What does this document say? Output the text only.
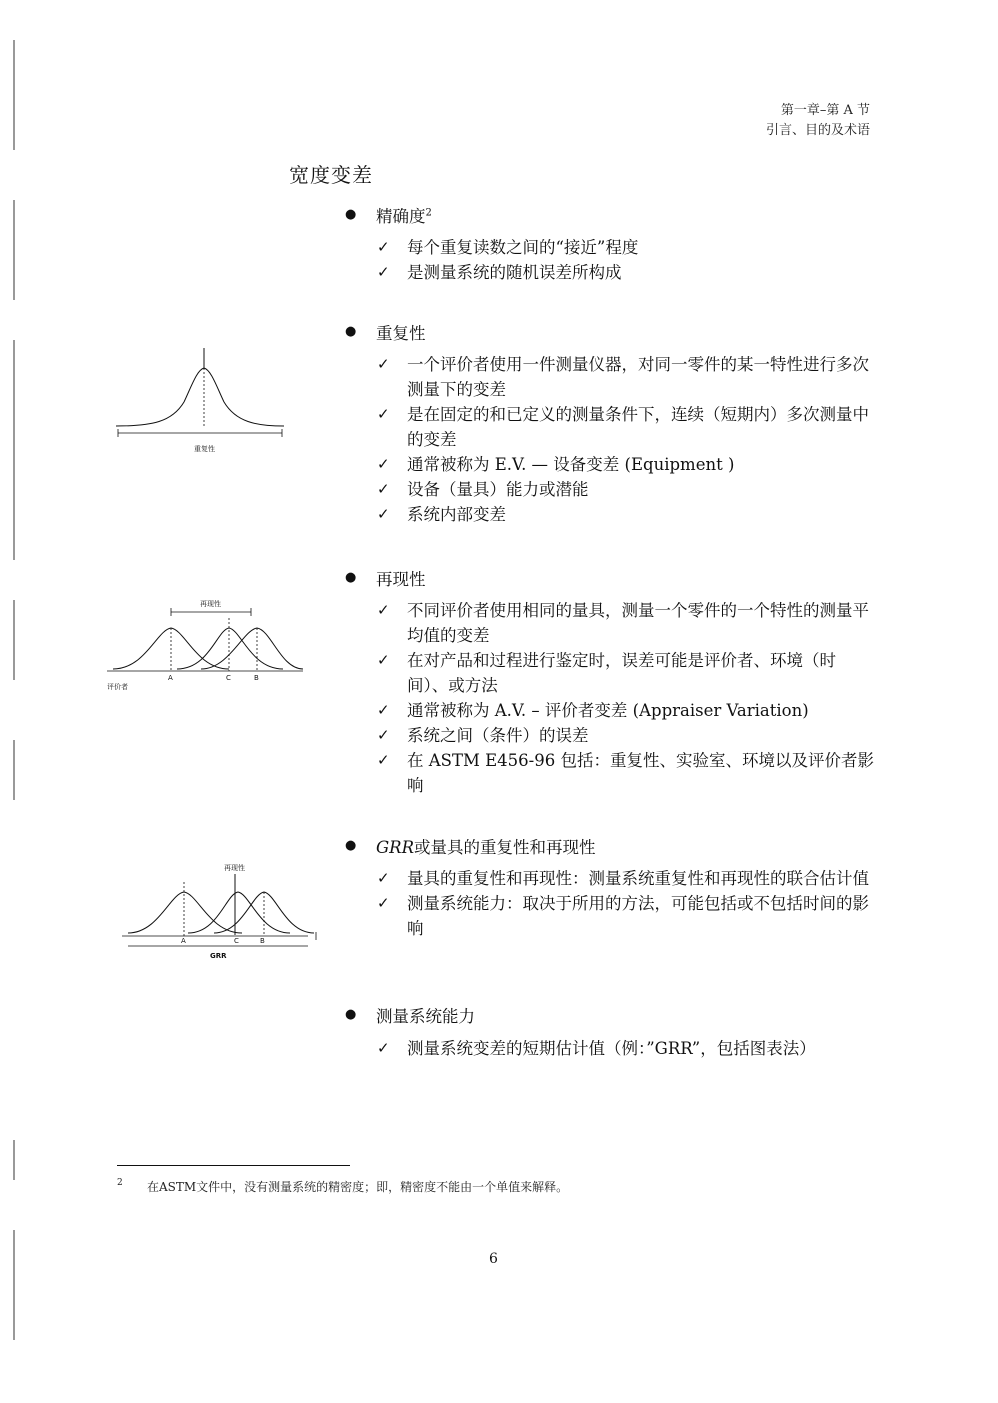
第一章–第 A 节
引言、目的及术语
宽度变差
● 精确度$^2$
✓ 每个重复读数之间的“接近”程度
✓ 是测量系统的随机误差所构成
● 重复性
✓ 一个评价者使用一件测量仪器，对同一零件的某一特性进行多次测量下的变差
✓ 是在固定的和已定义的测量条件下，连续（短期内）多次测量中的变差
✓ 通常被称为 E.V. — 设备变差 (Equipment )
✓ 设备（量具）能力或潜能
✓ 系统内部变差
重复性
● 再现性
✓ 不同评价者使用相同的量具，测量一个零件的一个特性的测量平均值的变差
✓ 在对产品和过程进行鉴定时，误差可能是评价者、环境（时间）、或方法
✓ 通常被称为 A.V. – 评价者变差 (Appraiser Variation)
✓ 系统之间（条件）的误差
✓ 在 ASTM E456-96 包括：重复性、实验室、环境以及评价者影响
再现性
A	C	B
评价者
● GRR或量具的重复性和再现性
✓ 量具的重复性和再现性：测量系统重复性和再现性的联合估计值
✓ 测量系统能力：取决于所用的方法，可能包括或不包括时间的影响
再现性
A	C	B
GRR
● 测量系统能力
✓ 测量系统变差的短期估计值（例：”GRR”，包括图表法）
2 在ASTM文件中，没有测量系统的精密度；即，精密度不能由一个单值来解释。
6
